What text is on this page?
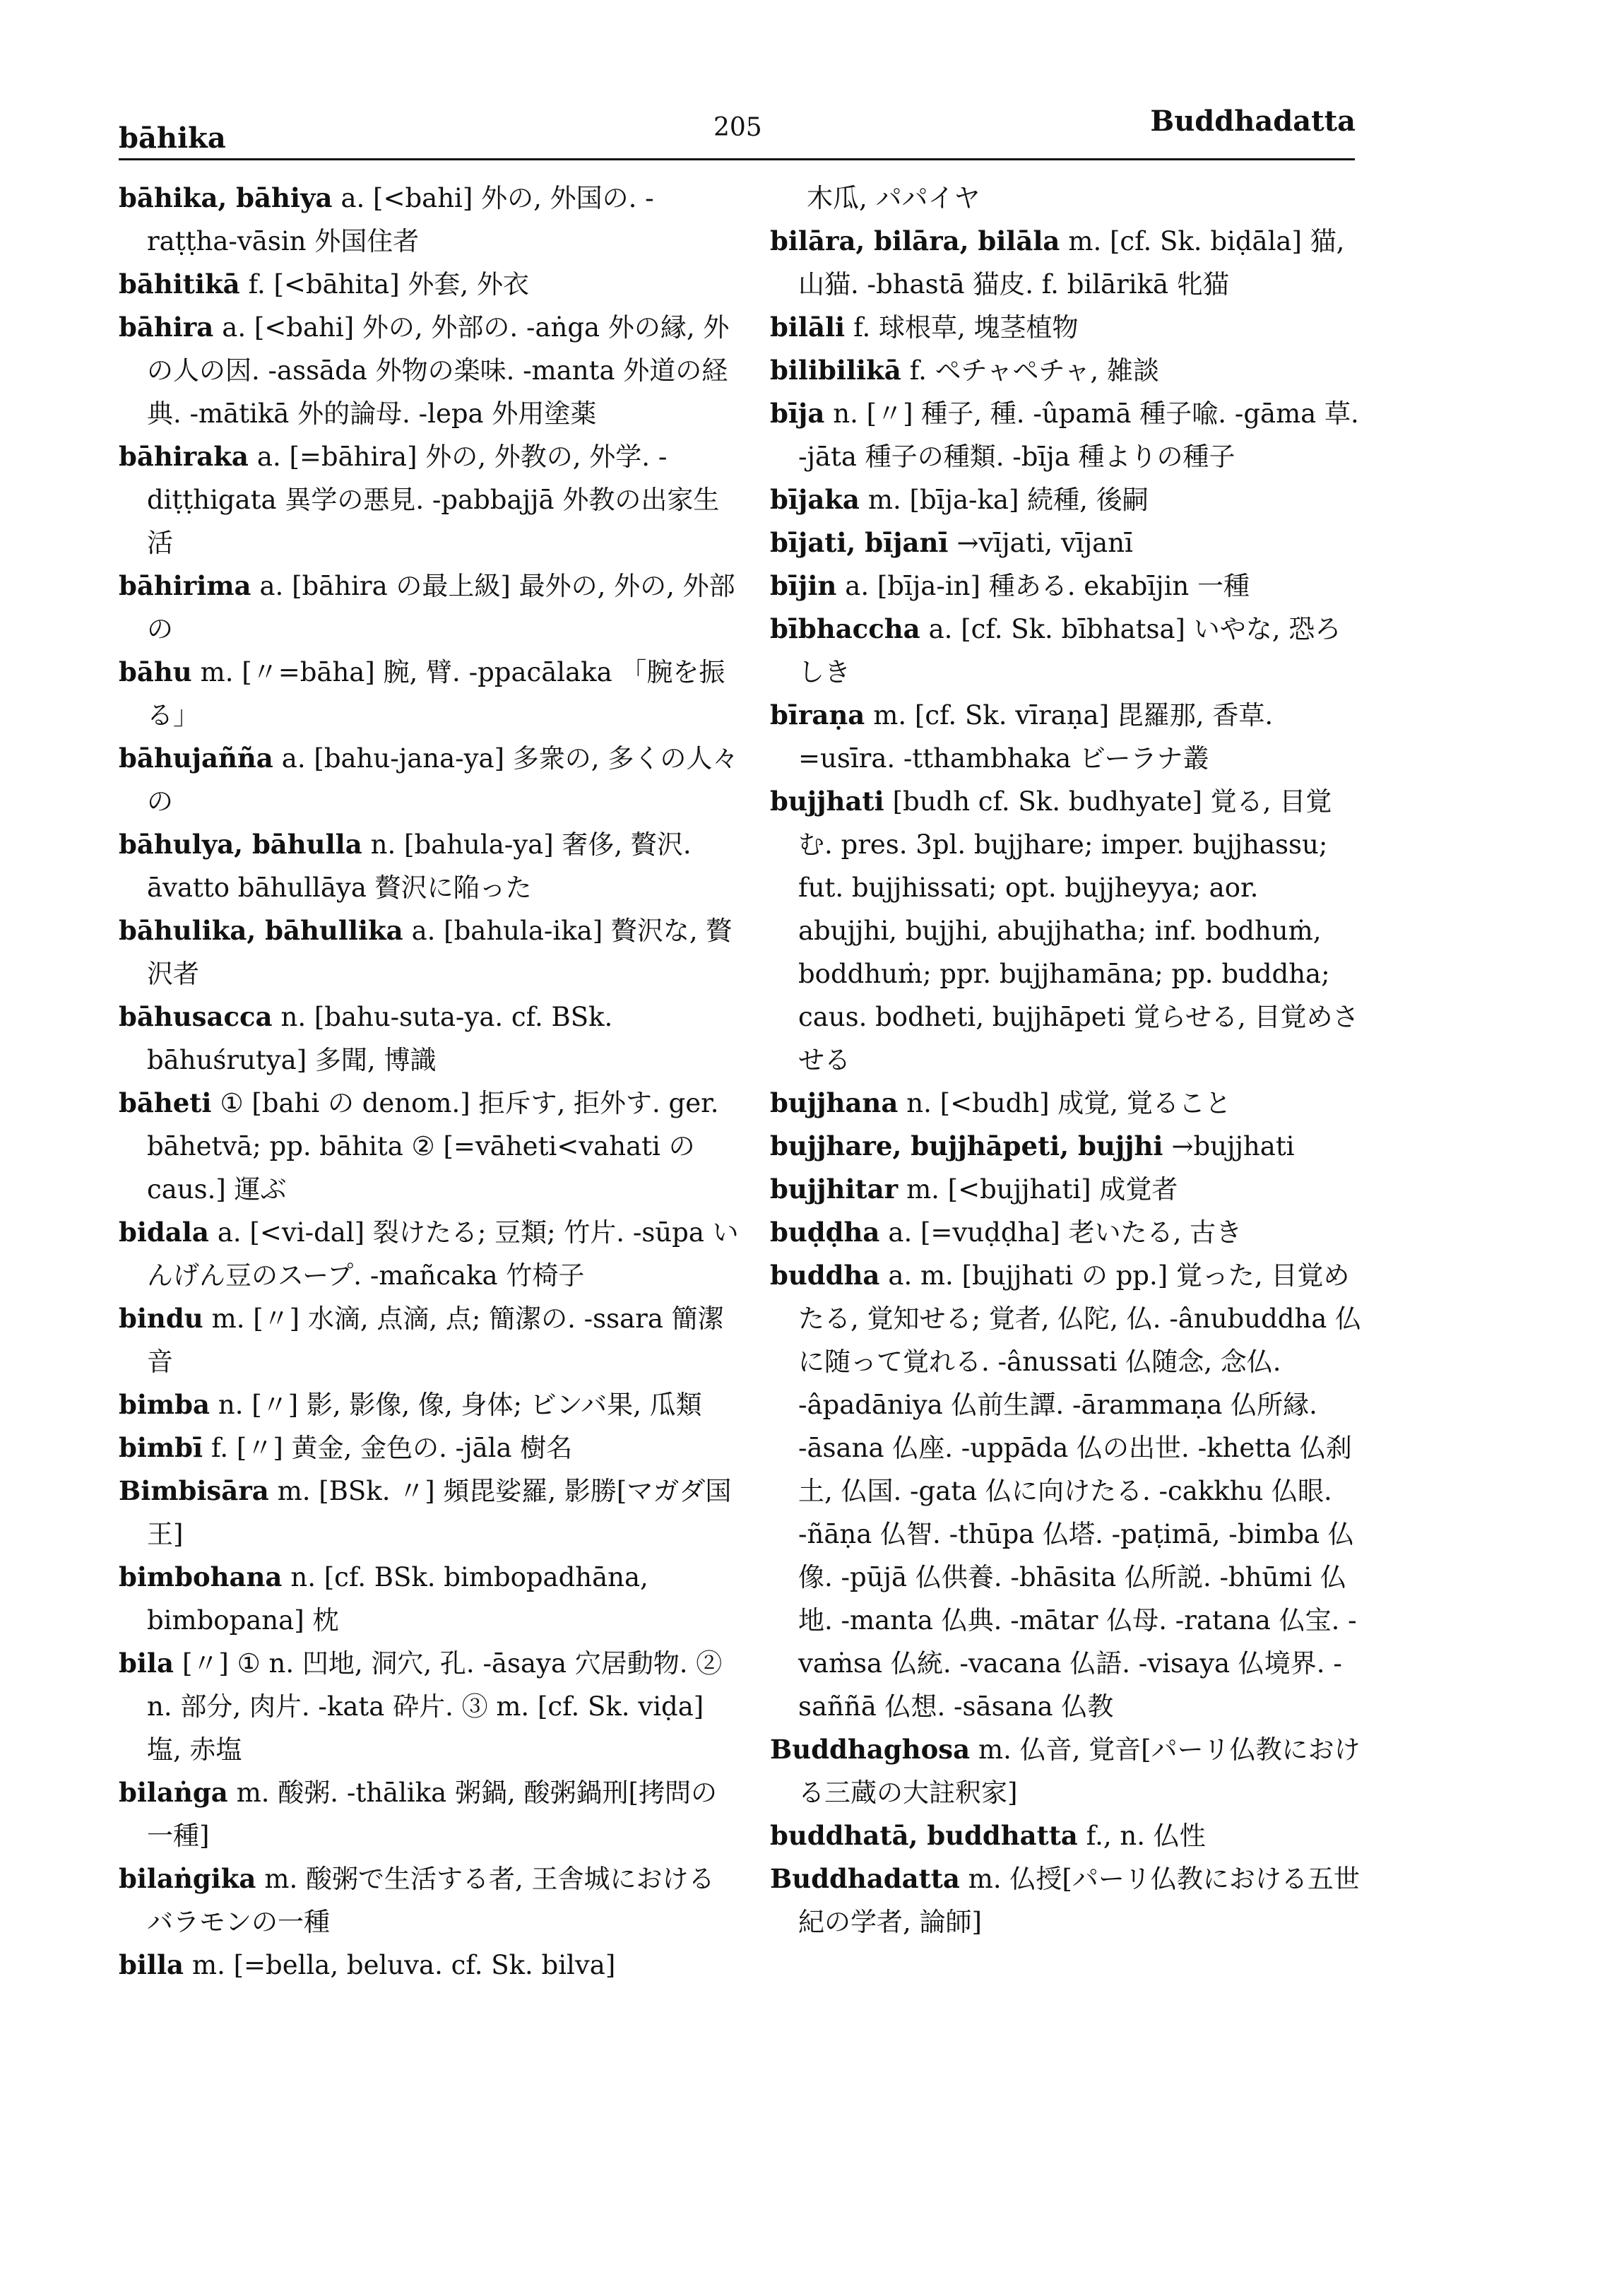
bāhika	205	Buddhadatta

bāhika, bāhiya a. [<bahi] 外の, 外国の. -raṭṭha-vāsin 外国住者

bāhitikā f. [<bāhita] 外套, 外衣

bāhira a. [<bahi] 外の, 外部の. -aṅga 外の縁, 外の人の因. -assāda 外物の楽味. -manta 外道の経典. -mātikā 外的論母. -lepa 外用塗薬

bāhiraka a. [=bāhira] 外の, 外教の, 外学. -diṭṭhigata 異学の悪見. -pabbajjā 外教の出家生活

bāhirima a. [bāhira の最上級] 最外の, 外の, 外部の

bāhu m. [〃=bāha] 腕, 臂. -ppacālaka 「腕を振る」

bāhujañña a. [bahu-jana-ya] 多衆の, 多くの人々の

bāhulya, bāhulla n. [bahula-ya] 奢侈, 贅沢. āvatto bāhullāya 贅沢に陥った

bāhulika, bāhullika a. [bahula-ika] 贅沢な, 贅沢者

bāhusacca n. [bahu-suta-ya. cf. BSk. bāhuśrutya] 多聞, 博識

bāheti ① [bahi の denom.] 拒斥す, 拒外す. ger. bāhetvā; pp. bāhita ② [=vāheti<vahati の caus.] 運ぶ

bidala a. [<vi-dal] 裂けたる; 豆類; 竹片. -sūpa いんげん豆のスープ. -mañcaka 竹椅子

bindu m. [〃] 水滴, 点滴, 点; 簡潔の. -ssara 簡潔音

bimba n. [〃] 影, 影像, 像, 身体; ビンバ果, 瓜類

bimbī f. [〃] 黄金, 金色の. -jāla 樹名

Bimbisāra m. [BSk. 〃] 頻毘娑羅, 影勝[マガダ国王]

bimbohana n. [cf. BSk. bimbopadhāna, bimbopana] 枕

bila [〃] ① n. 凹地, 洞穴, 孔. -āsaya 穴居動物. ② n. 部分, 肉片. -kata 砕片. ③ m. [cf. Sk. viḍa] 塩, 赤塩

bilaṅga m. 酸粥. -thālika 粥鍋, 酸粥鍋刑[拷問の一種]

bilaṅgika m. 酸粥で生活する者, 王舎城におけるバラモンの一種

billa m. [=bella, beluva. cf. Sk. bilva]

木瓜, パパイヤ

bilāra, bilāra, bilāla m. [cf. Sk. biḍāla] 猫, 山猫. -bhastā 猫皮. f. bilārikā 牝猫

bilāli f. 球根草, 塊茎植物

bilibilikā f. ペチャペチャ, 雑談

bīja n. [〃] 種子, 種. -ûpamā 種子喩. -gāma 草. -jāta 種子の種類. -bīja 種よりの種子

bījaka m. [bīja-ka] 続種, 後嗣

bījati, bījanī →vījati, vījanī

bījin a. [bīja-in] 種ある. ekabījin 一種

bībhaccha a. [cf. Sk. bībhatsa] いやな, 恐ろしき

bīraṇa m. [cf. Sk. vīraṇa] 毘羅那, 香草. =usīra. -tthambhaka ビーラナ叢

bujjhati [budh cf. Sk. budhyate] 覚る, 目覚む. pres. 3pl. bujjhare; imper. bujjhassu; fut. bujjhissati; opt. bujjheyya; aor. abujjhi, bujjhi, abujjhatha; inf. bodhuṁ, boddhuṁ; ppr. bujjhamāna; pp. buddha; caus. bodheti, bujjhāpeti 覚らせる, 目覚めさせる

bujjhana n. [<budh] 成覚, 覚ること

bujjhare, bujjhāpeti, bujjhi →bujjhati

bujjhitar m. [<bujjhati] 成覚者

buḍḍha a. [=vuḍḍha] 老いたる, 古き

buddha a. m. [bujjhati の pp.] 覚った, 目覚めたる, 覚知せる; 覚者, 仏陀, 仏. -ânubuddha 仏に随って覚れる. -ânussati 仏随念, 念仏. -âpadāniya 仏前生譚. -ārammaṇa 仏所縁. -āsana 仏座. -uppāda 仏の出世. -khetta 仏刹土, 仏国. -gata 仏に向けたる. -cakkhu 仏眼. -ñāṇa 仏智. -thūpa 仏塔. -paṭimā, -bimba 仏像. -pūjā 仏供養. -bhāsita 仏所説. -bhūmi 仏地. -manta 仏典. -mātar 仏母. -ratana 仏宝. -vaṁsa 仏統. -vacana 仏語. -visaya 仏境界. -saññā 仏想. -sāsana 仏教

Buddhaghosa m. 仏音, 覚音[パーリ仏教における三蔵の大註釈家]

buddhatā, buddhatta f., n. 仏性

Buddhadatta m. 仏授[パーリ仏教における五世紀の学者, 論師]
